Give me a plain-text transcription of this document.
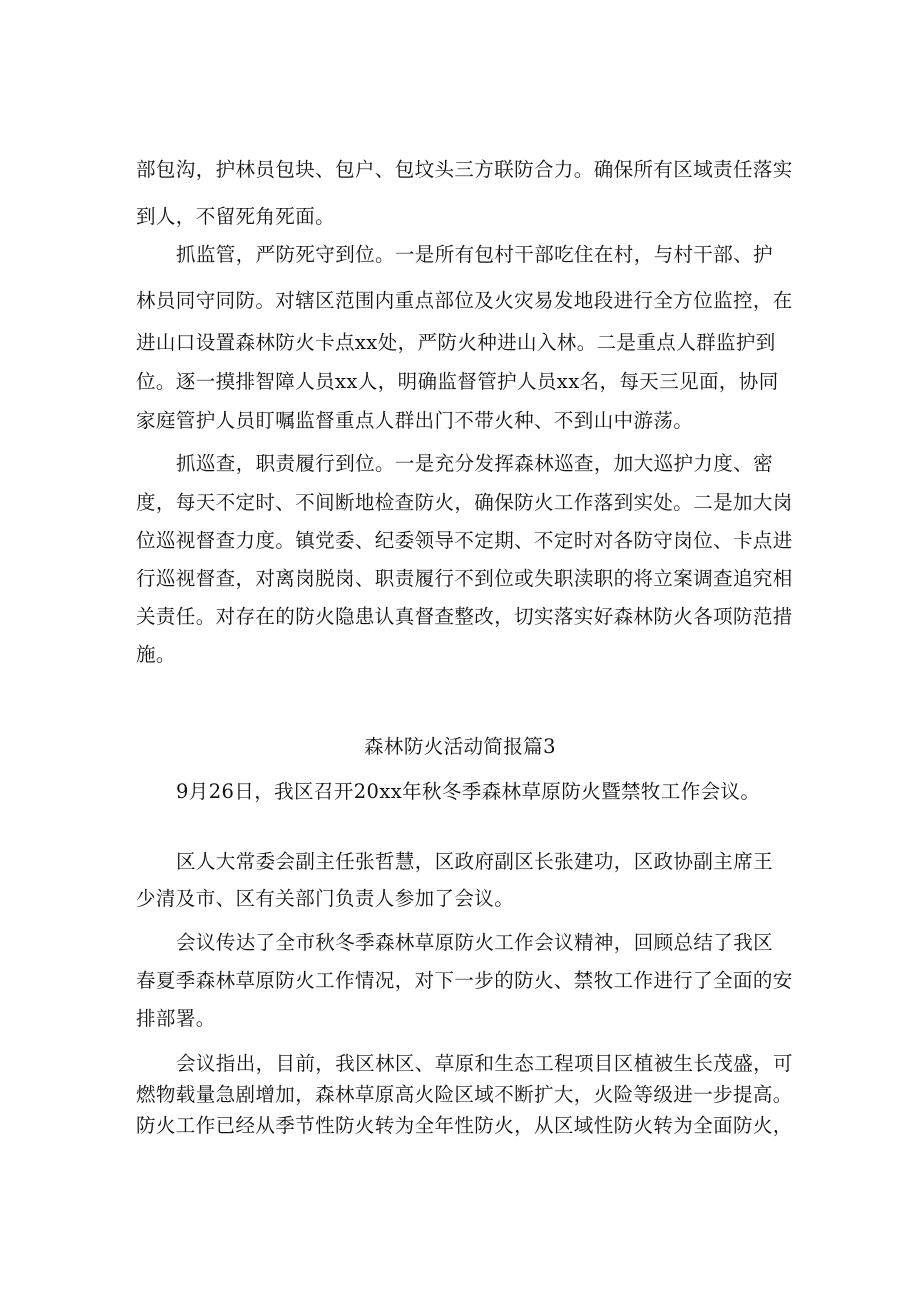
部包沟，护林员包块、包户、包坟头三方联防合力。确保所有区域责任落实
到人，不留死角死面。
抓监管，严防死守到位。一是所有包村干部吃住在村，与村干部、护
林员同守同防。对辖区范围内重点部位及火灾易发地段进行全方位监控，在
进山口设置森林防火卡点xx处，严防火种进山入林。二是重点人群监护到
位。逐一摸排智障人员xx人，明确监督管护人员xx名，每天三见面，协同
家庭管护人员盯嘱监督重点人群出门不带火种、不到山中游荡。
抓巡查，职责履行到位。一是充分发挥森林巡查，加大巡护力度、密
度，每天不定时、不间断地检查防火，确保防火工作落到实处。二是加大岗
位巡视督查力度。镇党委、纪委领导不定期、不定时对各防守岗位、卡点进
行巡视督查，对离岗脱岗、职责履行不到位或失职渎职的将立案调查追究相
关责任。对存在的防火隐患认真督查整改，切实落实好森林防火各项防范措
施。
森林防火活动简报篇3
9月26日，我区召开20xx年秋冬季森林草原防火暨禁牧工作会议。
区人大常委会副主任张哲慧，区政府副区长张建功，区政协副主席王
少清及市、区有关部门负责人参加了会议。
会议传达了全市秋冬季森林草原防火工作会议精神，回顾总结了我区
春夏季森林草原防火工作情况，对下一步的防火、禁牧工作进行了全面的安
排部署。
会议指出，目前，我区林区、草原和生态工程项目区植被生长茂盛，可
燃物载量急剧增加，森林草原高火险区域不断扩大，火险等级进一步提高。
防火工作已经从季节性防火转为全年性防火，从区域性防火转为全面防火，
